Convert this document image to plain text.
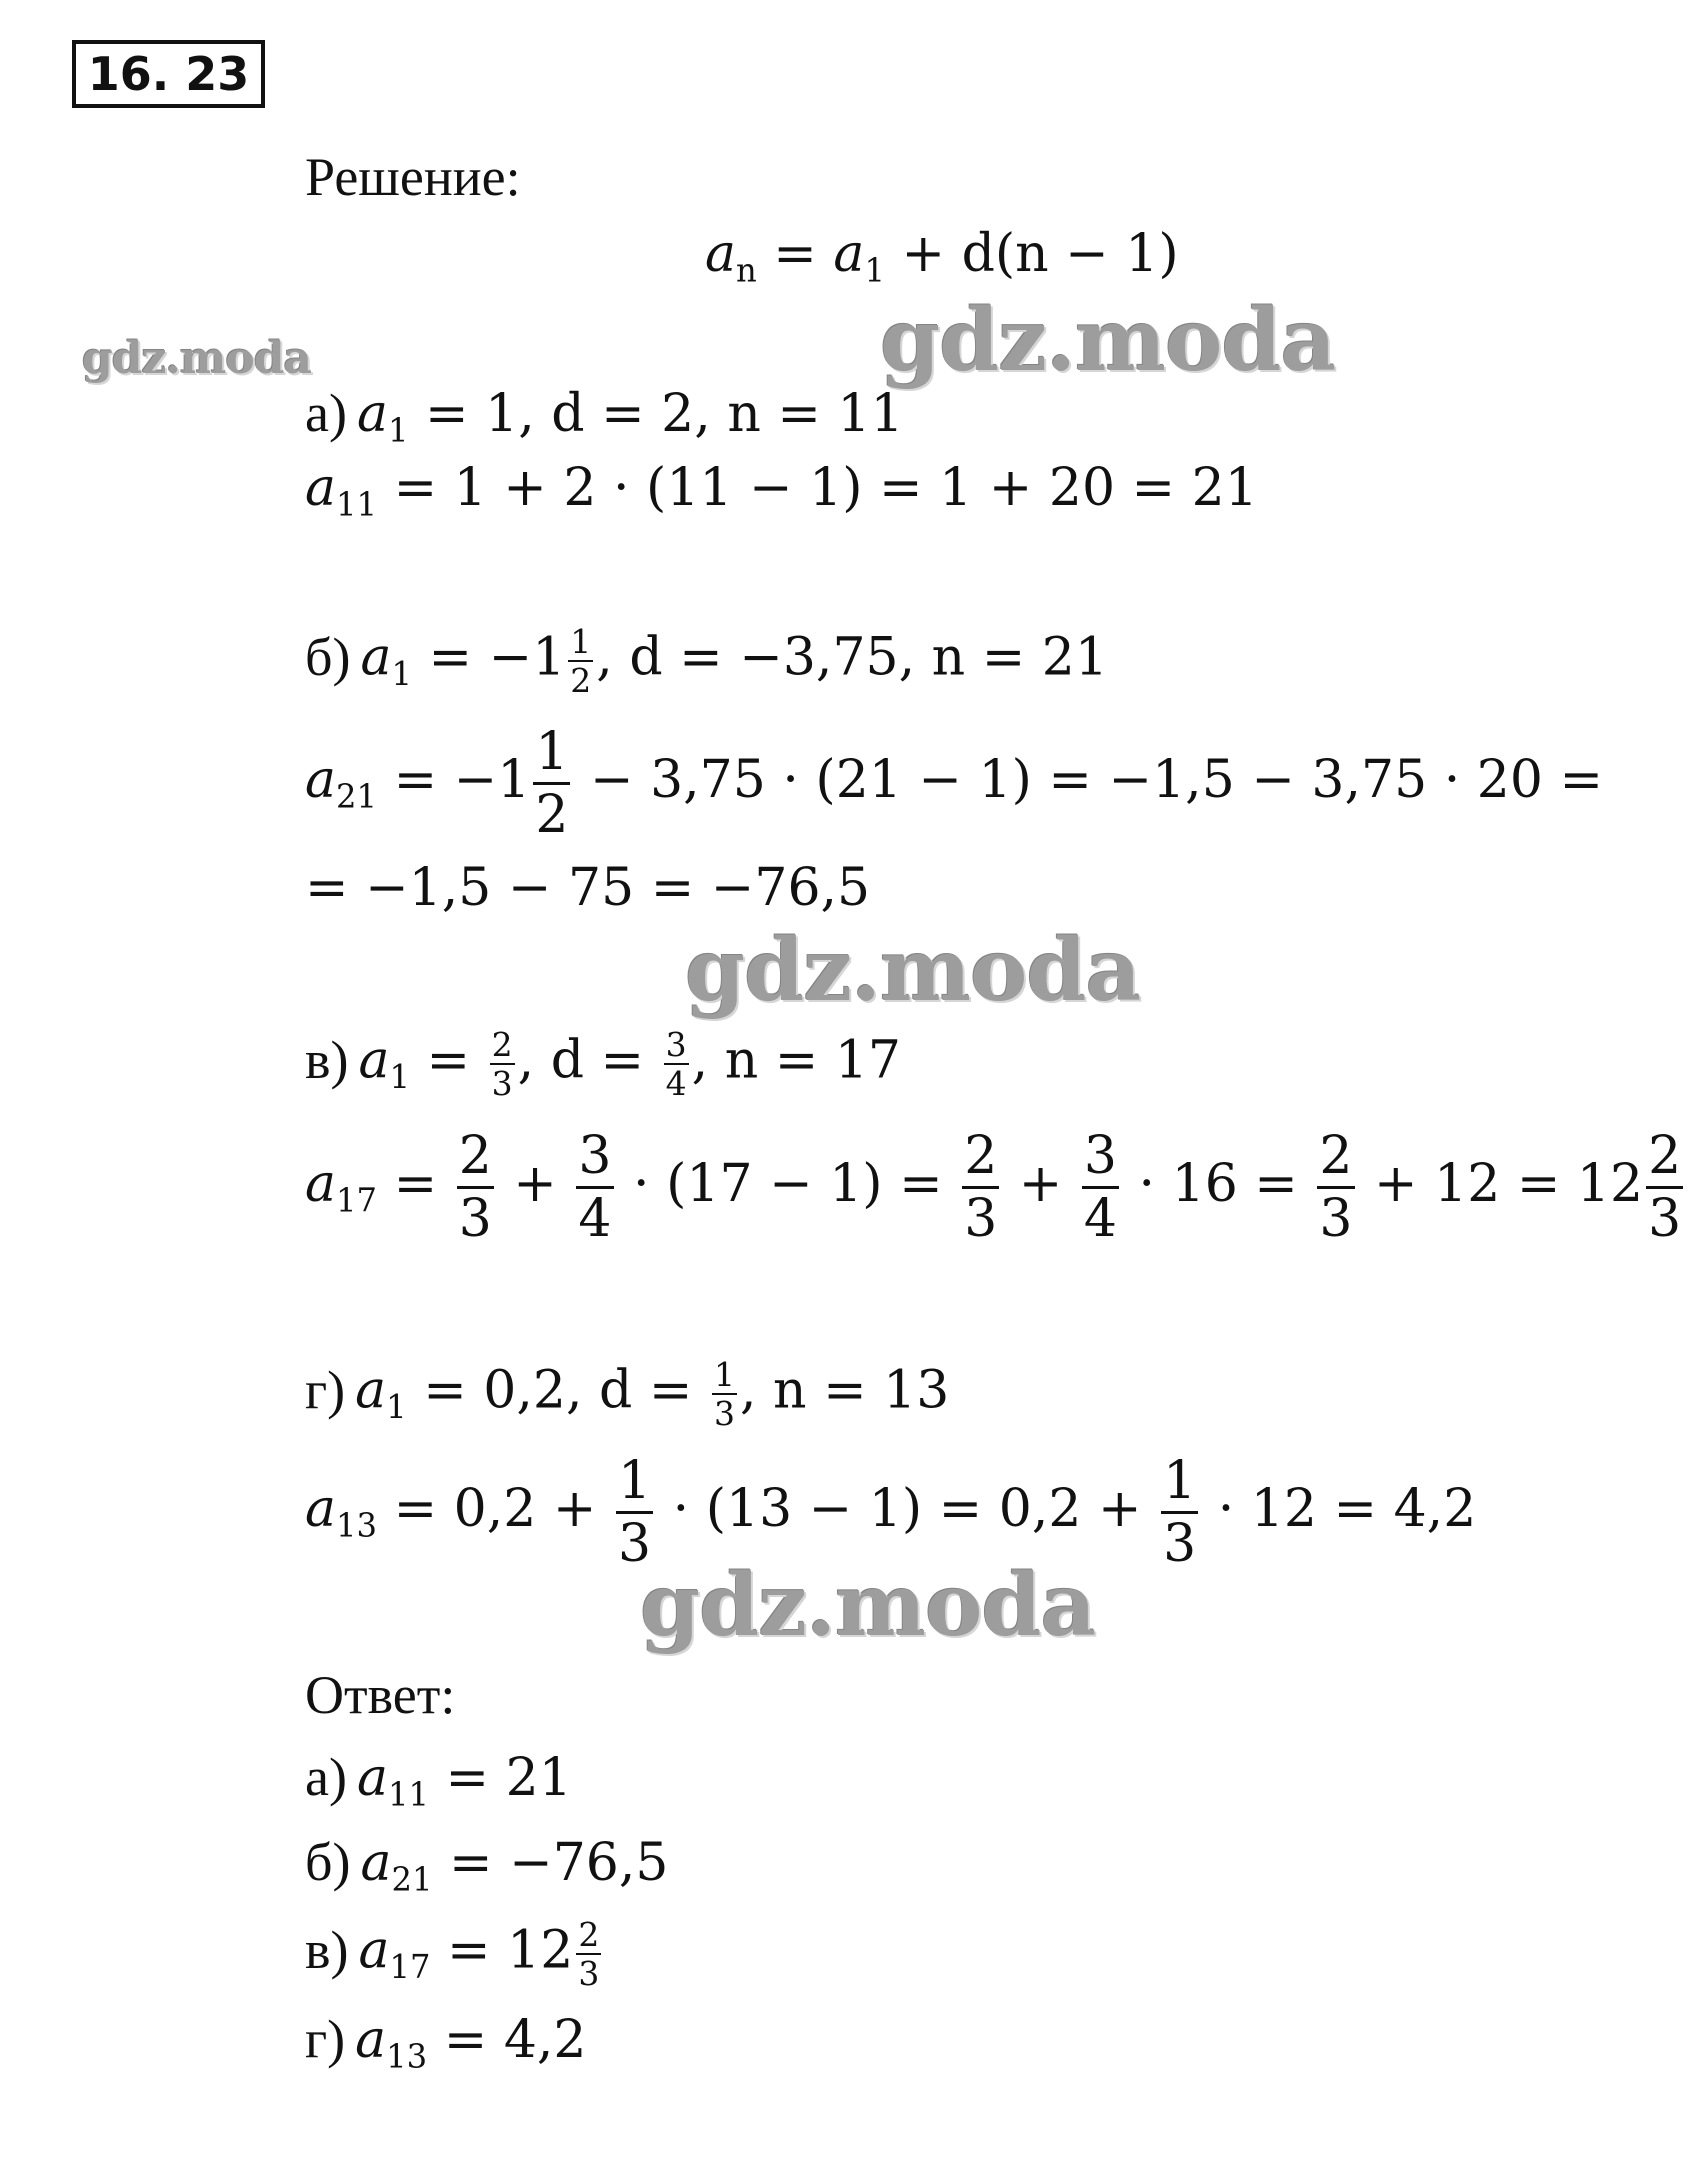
16. 23
Решение:
$a_n = a_1 + d(n - 1)$
а) $a_1 = 1$, d = 2, n = 11
$a_{11} = 1 + 2 \cdot (11 - 1) = 1 + 20 = 21$
б) $a_1 = -1 \frac{1}{2}$ , d = −3,75, n = 21
$a_{21} = -1 \frac{1}{2} - 3,75 \cdot (21 - 1) = -1,5 - 3,75 \cdot 20$ =
= −1,5 − 75 = −76,5
в) $a_1 = \frac{2}{3}$ , $d = \frac{3}{4}$ , n = 17
$a_{17} = \frac{2}{3} + \frac{3}{4} \cdot (17 - 1) = \frac{2}{3} + \frac{3}{4} \cdot 16 = \frac{2}{3} + 12 = 12 \frac{2}{3}$
г) $a_1 = 0,2$, $d = \frac{1}{3}$ , n = 13
$a_{13} = 0,2 + \frac{1}{3} \cdot (13 - 1) = 0,2 + \frac{1}{3} \cdot 12 = 4,2$
Ответ:
а) $a_{11} = 21$
б) $a_{21} = -76,5$
в) $a_{17} = 12 \frac{2}{3}$
г) $a_{13} = 4,2$
gdz.moda	gdz.moda
gdz.moda
gdz.moda
